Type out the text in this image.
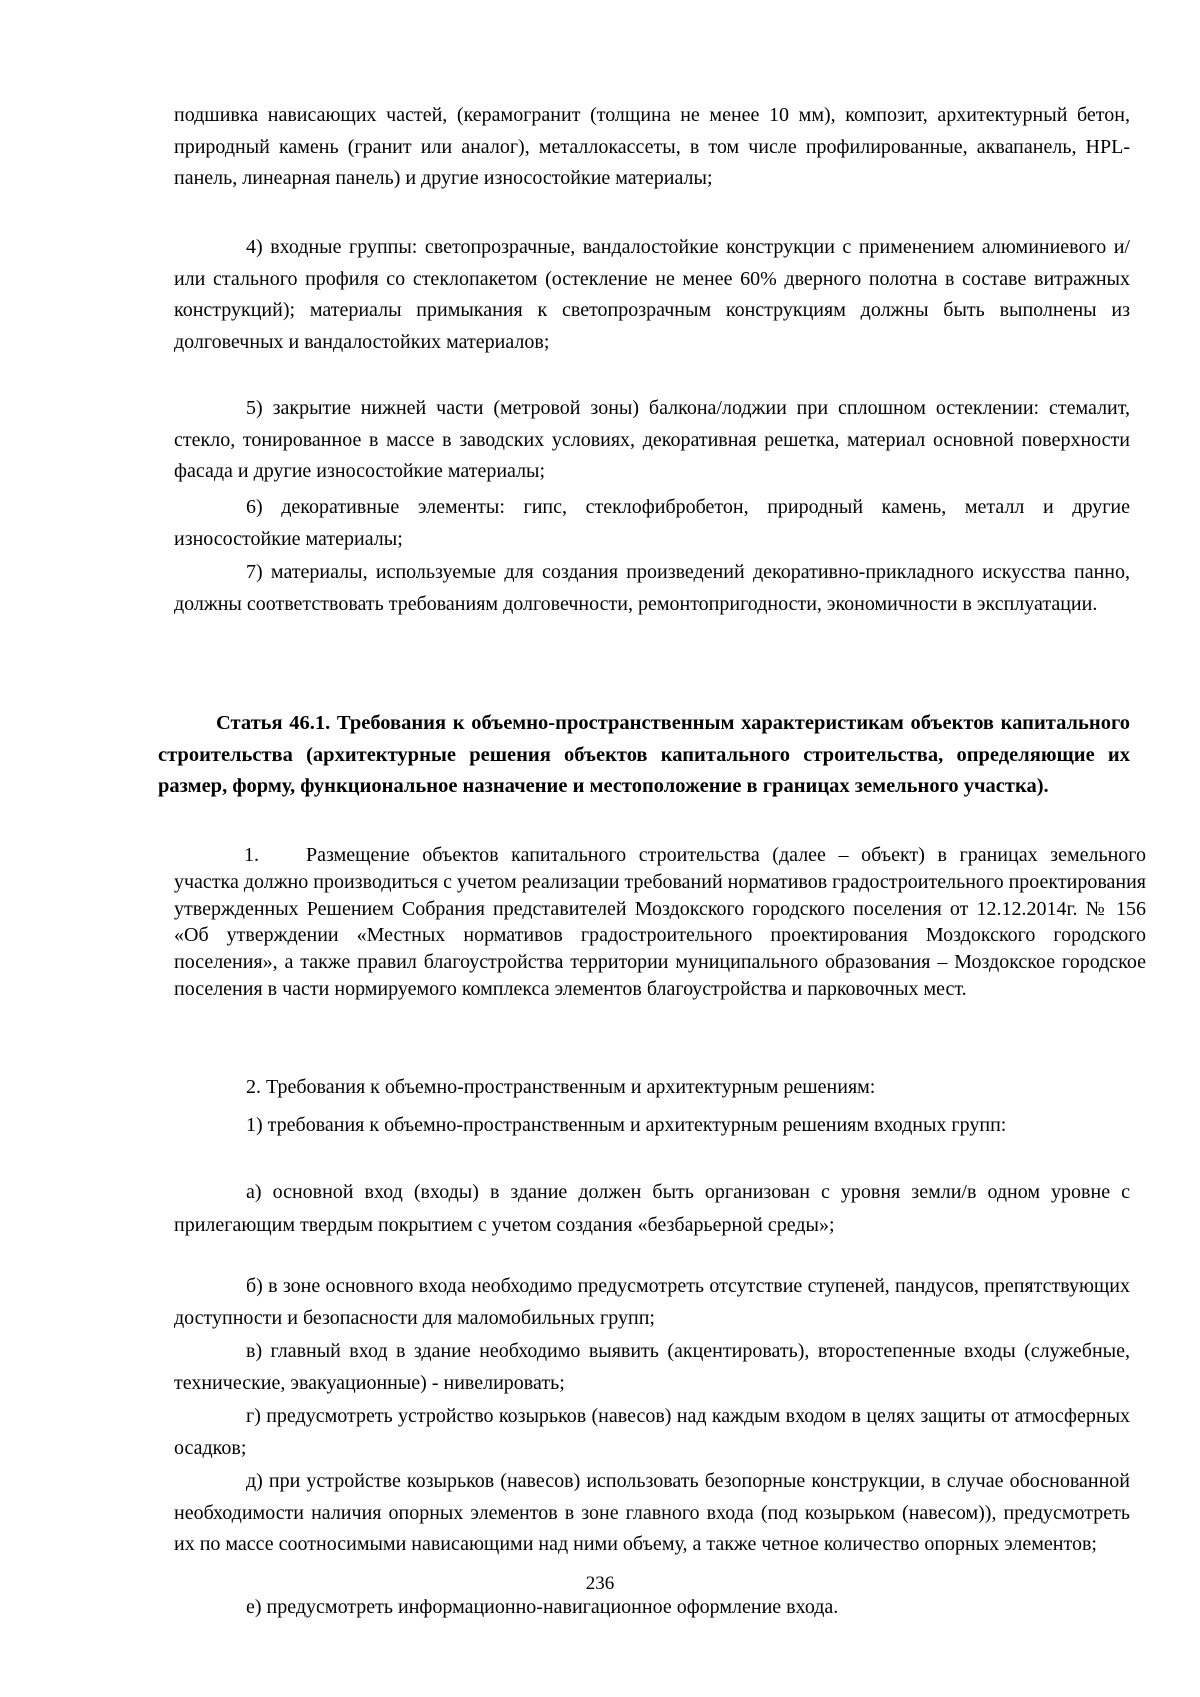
подшивка нависающих частей, (керамогранит (толщина не менее 10 мм), композит, архитектурный бетон, природный камень (гранит или аналог), металлокассеты, в том числе профилированные, аквапанель, HPL-панель, линеарная панель) и другие износостойкие материалы;

4) входные группы: светопрозрачные, вандалостойкие конструкции с применением алюминиевого и/или стального профиля со стеклопакетом (остекление не менее 60% дверного полотна в составе витражных конструкций); материалы примыкания к светопрозрачным конструкциям должны быть выполнены из долговечных и вандалостойких материалов;

5) закрытие нижней части (метровой зоны) балкона/лоджии при сплошном остеклении: стемалит, стекло, тонированное в массе в заводских условиях, декоративная решетка, материал основной поверхности фасада и другие износостойкие материалы;

6) декоративные элементы: гипс, стеклофибробетон, природный камень, металл и другие износостойкие материалы;

7) материалы, используемые для создания произведений декоративно-прикладного искусства панно, должны соответствовать требованиям долговечности, ремонтопригодности, экономичности в эксплуатации.

Статья 46.1. Требования к объемно-пространственным характеристикам объектов капитального строительства (архитектурные решения объектов капитального строительства, определяющие их размер, форму, функциональное назначение и местоположение в границах земельного участка).

1. Размещение объектов капитального строительства (далее – объект) в границах земельного участка должно производиться с учетом реализации требований нормативов градостроительного проектирования утвержденных Решением Собрания представителей Моздокского городского поселения от 12.12.2014г. № 156 «Об утверждении «Местных нормативов градостроительного проектирования Моздокского городского поселения», а также правил благоустройства территории муниципального образования – Моздокское городское поселения в части нормируемого комплекса элементов благоустройства и парковочных мест.

2. Требования к объемно-пространственным и архитектурным решениям:

1) требования к объемно-пространственным и архитектурным решениям входных групп:

а) основной вход (входы) в здание должен быть организован с уровня земли/в одном уровне с прилегающим твердым покрытием с учетом создания «безбарьерной среды»;

б) в зоне основного входа необходимо предусмотреть отсутствие ступеней, пандусов, препятствующих доступности и безопасности для маломобильных групп;

в) главный вход в здание необходимо выявить (акцентировать), второстепенные входы (служебные, технические, эвакуационные) - нивелировать;

г) предусмотреть устройство козырьков (навесов) над каждым входом в целях защиты от атмосферных осадков;

д) при устройстве козырьков (навесов) использовать безопорные конструкции, в случае обоснованной необходимости наличия опорных элементов в зоне главного входа (под козырьком (навесом)), предусмотреть их по массе соотносимыми нависающими над ними объему, а также четное количество опорных элементов;

е) предусмотреть информационно-навигационное оформление входа.

236
